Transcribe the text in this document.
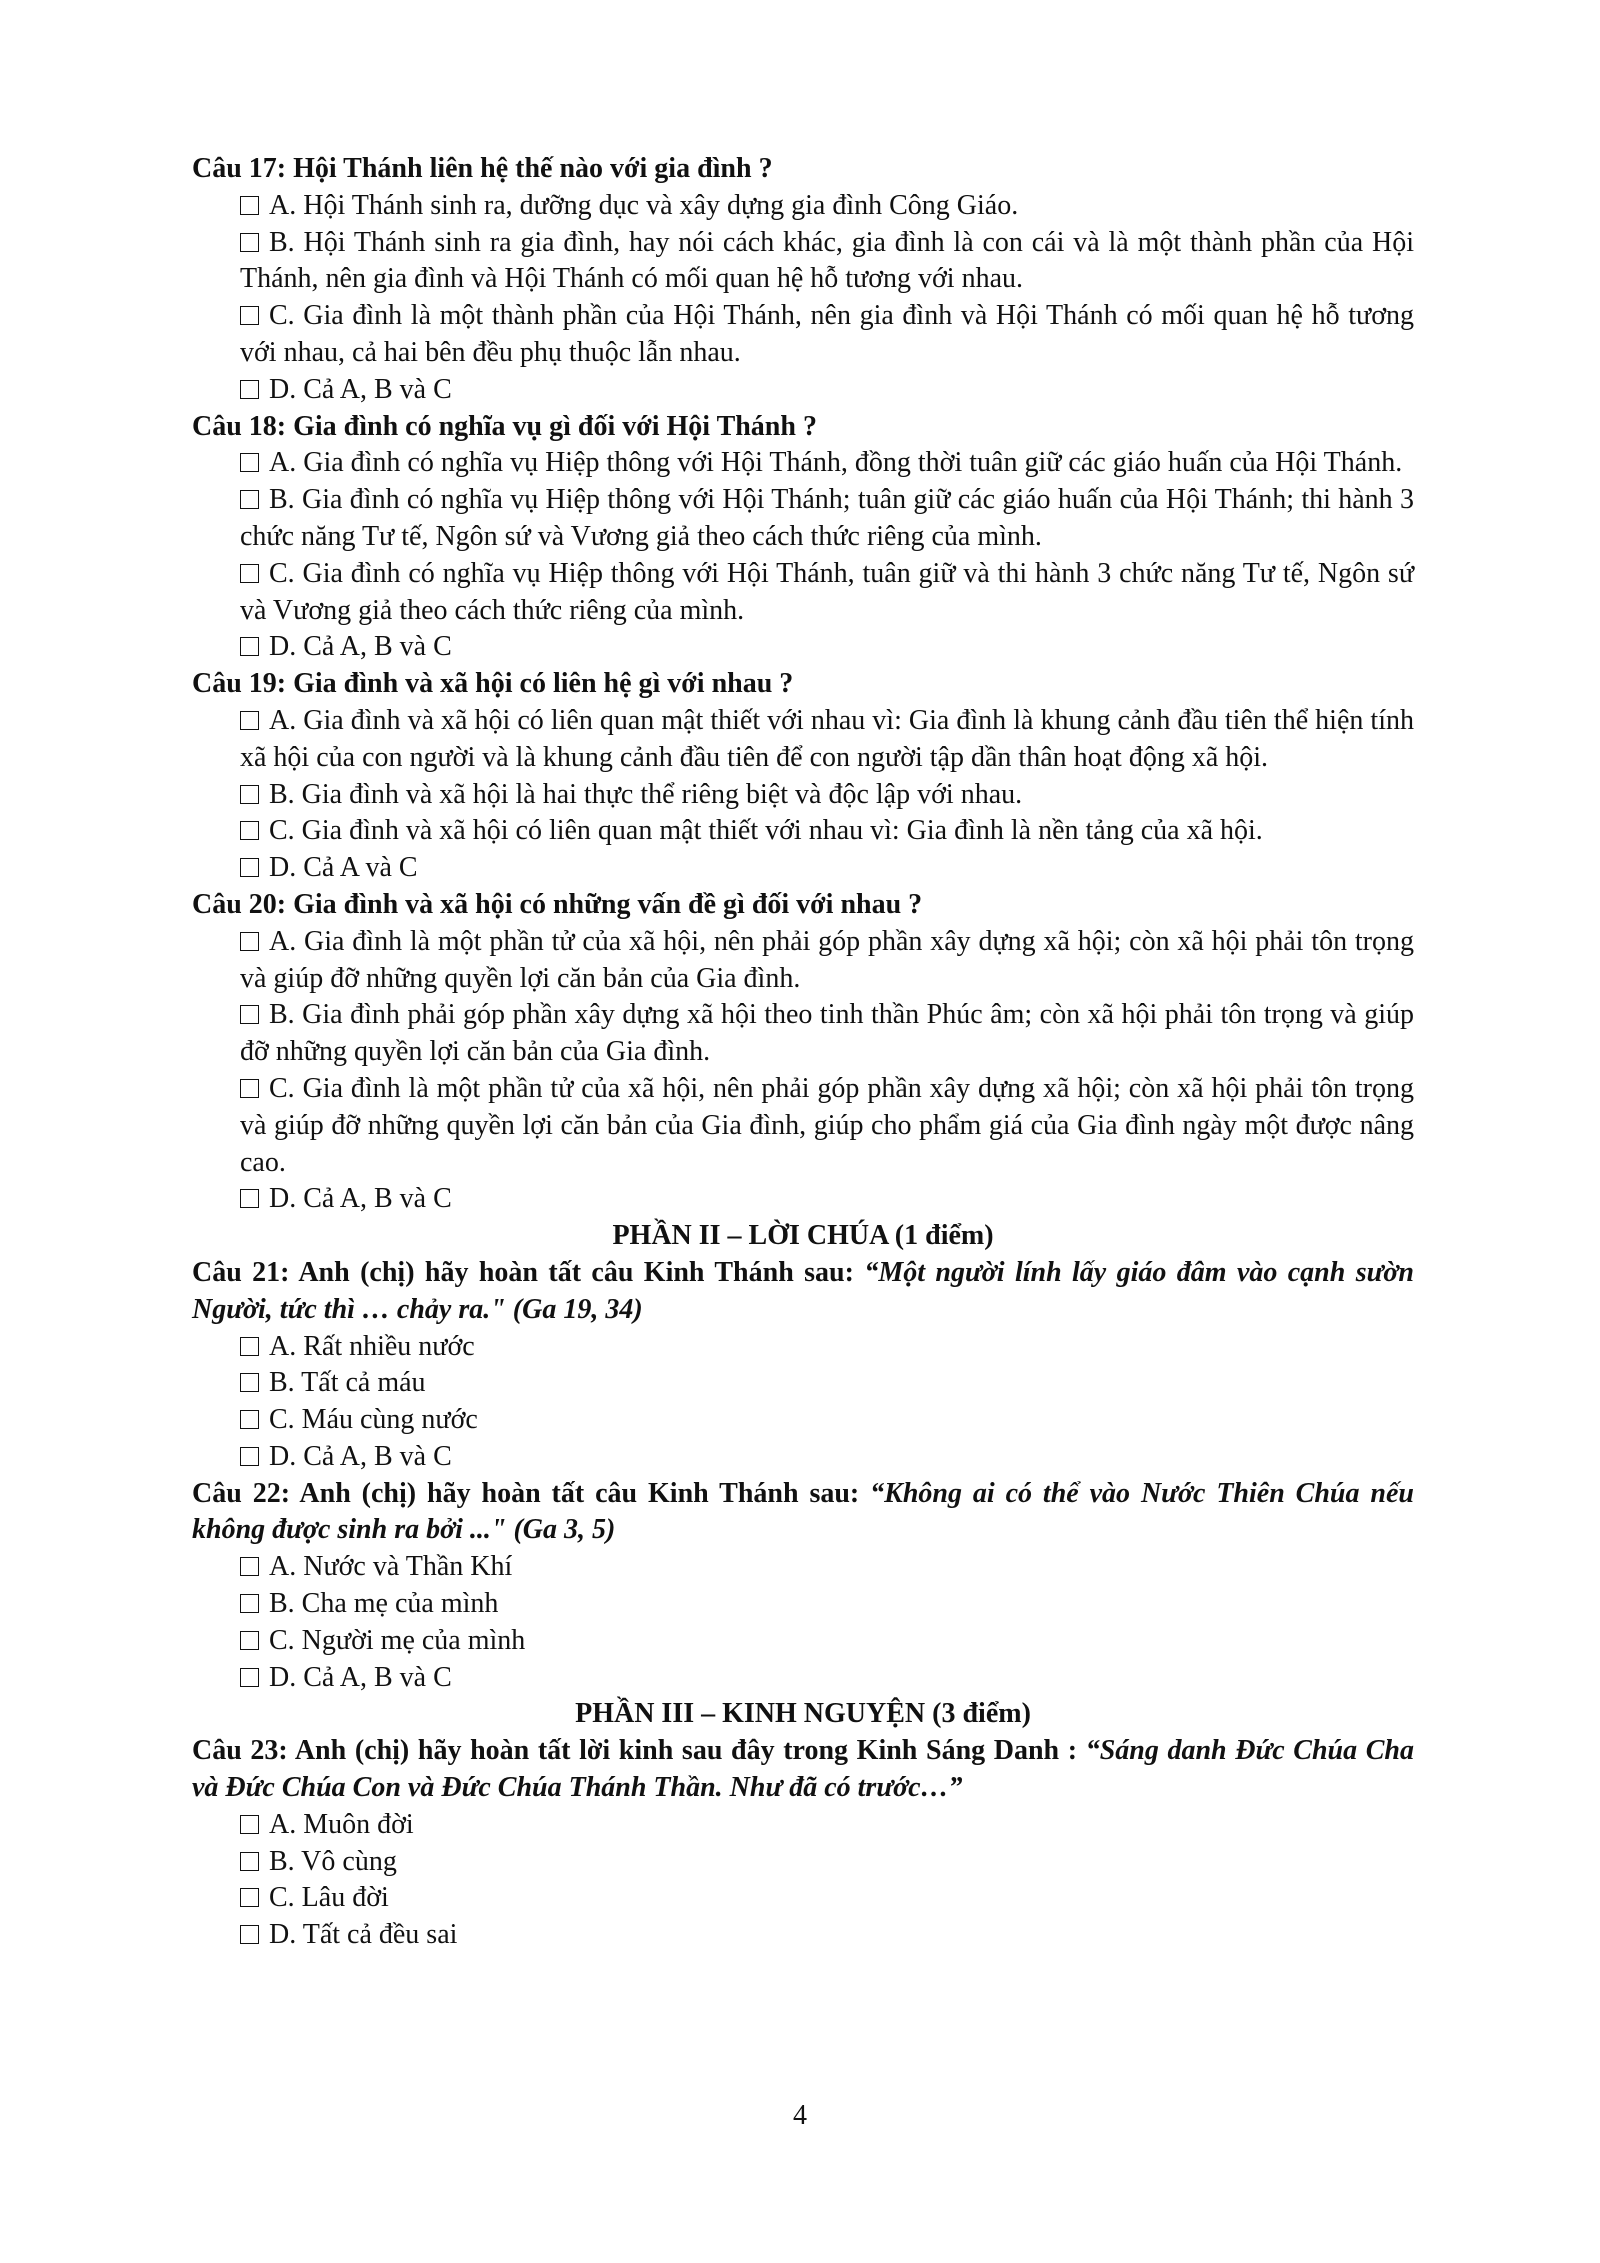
Câu 17: Hội Thánh liên hệ thế nào với gia đình ?

A. Hội Thánh sinh ra, dưỡng dục và xây dựng gia đình Công Giáo.

B. Hội Thánh sinh ra gia đình, hay nói cách khác, gia đình là con cái và là một thành phần của Hội Thánh, nên gia đình và Hội Thánh có mối quan hệ hỗ tương với nhau.

C. Gia đình là một thành phần của Hội Thánh, nên gia đình và Hội Thánh có mối quan hệ hỗ tương với nhau, cả hai bên đều phụ thuộc lẫn nhau.

D. Cả A, B và C

Câu 18: Gia đình có nghĩa vụ gì đối với Hội Thánh ?

A. Gia đình có nghĩa vụ Hiệp thông với Hội Thánh, đồng thời tuân giữ các giáo huấn của Hội Thánh.

B. Gia đình có nghĩa vụ Hiệp thông với Hội Thánh; tuân giữ các giáo huấn của Hội Thánh; thi hành 3 chức năng Tư tế, Ngôn sứ và Vương giả theo cách thức riêng của mình.

C. Gia đình có nghĩa vụ Hiệp thông với Hội Thánh, tuân giữ và thi hành 3 chức năng Tư tế, Ngôn sứ và Vương giả theo cách thức riêng của mình.

D. Cả A, B và C

Câu 19: Gia đình và xã hội có liên hệ gì với nhau ?

A. Gia đình và xã hội có liên quan mật thiết với nhau vì: Gia đình là khung cảnh đầu tiên thể hiện tính xã hội của con người và là khung cảnh đầu tiên để con người tập dần thân hoạt động xã hội.

B. Gia đình và xã hội là hai thực thể riêng biệt và độc lập với nhau.

C. Gia đình và xã hội có liên quan mật thiết với nhau vì: Gia đình là nền tảng của xã hội.

D. Cả A và C

Câu 20: Gia đình và xã hội có những vấn đề gì đối với nhau ?

A. Gia đình là một phần tử của xã hội, nên phải góp phần xây dựng xã hội; còn xã hội phải tôn trọng và giúp đỡ những quyền lợi căn bản của Gia đình.

B. Gia đình phải góp phần xây dựng xã hội theo tinh thần Phúc âm; còn xã hội phải tôn trọng và giúp đỡ những quyền lợi căn bản của Gia đình.

C. Gia đình là một phần tử của xã hội, nên phải góp phần xây dựng xã hội; còn xã hội phải tôn trọng và giúp đỡ những quyền lợi căn bản của Gia đình, giúp cho phẩm giá của Gia đình ngày một được nâng cao.

D. Cả A, B và C

PHẦN II – LỜI CHÚA (1 điểm)

Câu 21: Anh (chị) hãy hoàn tất câu Kinh Thánh sau: “Một người lính lấy giáo đâm vào cạnh sườn Người, tức thì … chảy ra." (Ga 19, 34)

A. Rất nhiều nước

B. Tất cả máu

C. Máu cùng nước

D. Cả A, B và C

Câu 22: Anh (chị) hãy hoàn tất câu Kinh Thánh sau: “Không ai có thể vào Nước Thiên Chúa nếu không được sinh ra bởi ..." (Ga 3, 5)

A. Nước và Thần Khí

B. Cha mẹ của mình

C. Người mẹ của mình

D. Cả A, B và C

PHẦN III – KINH NGUYỆN (3 điểm)

Câu 23: Anh (chị) hãy hoàn tất lời kinh sau đây trong Kinh Sáng Danh : “Sáng danh Đức Chúa Cha và Đức Chúa Con và Đức Chúa Thánh Thần. Như đã có trước…”

A. Muôn đời

B. Vô cùng

C. Lâu đời

D. Tất cả đều sai

4
